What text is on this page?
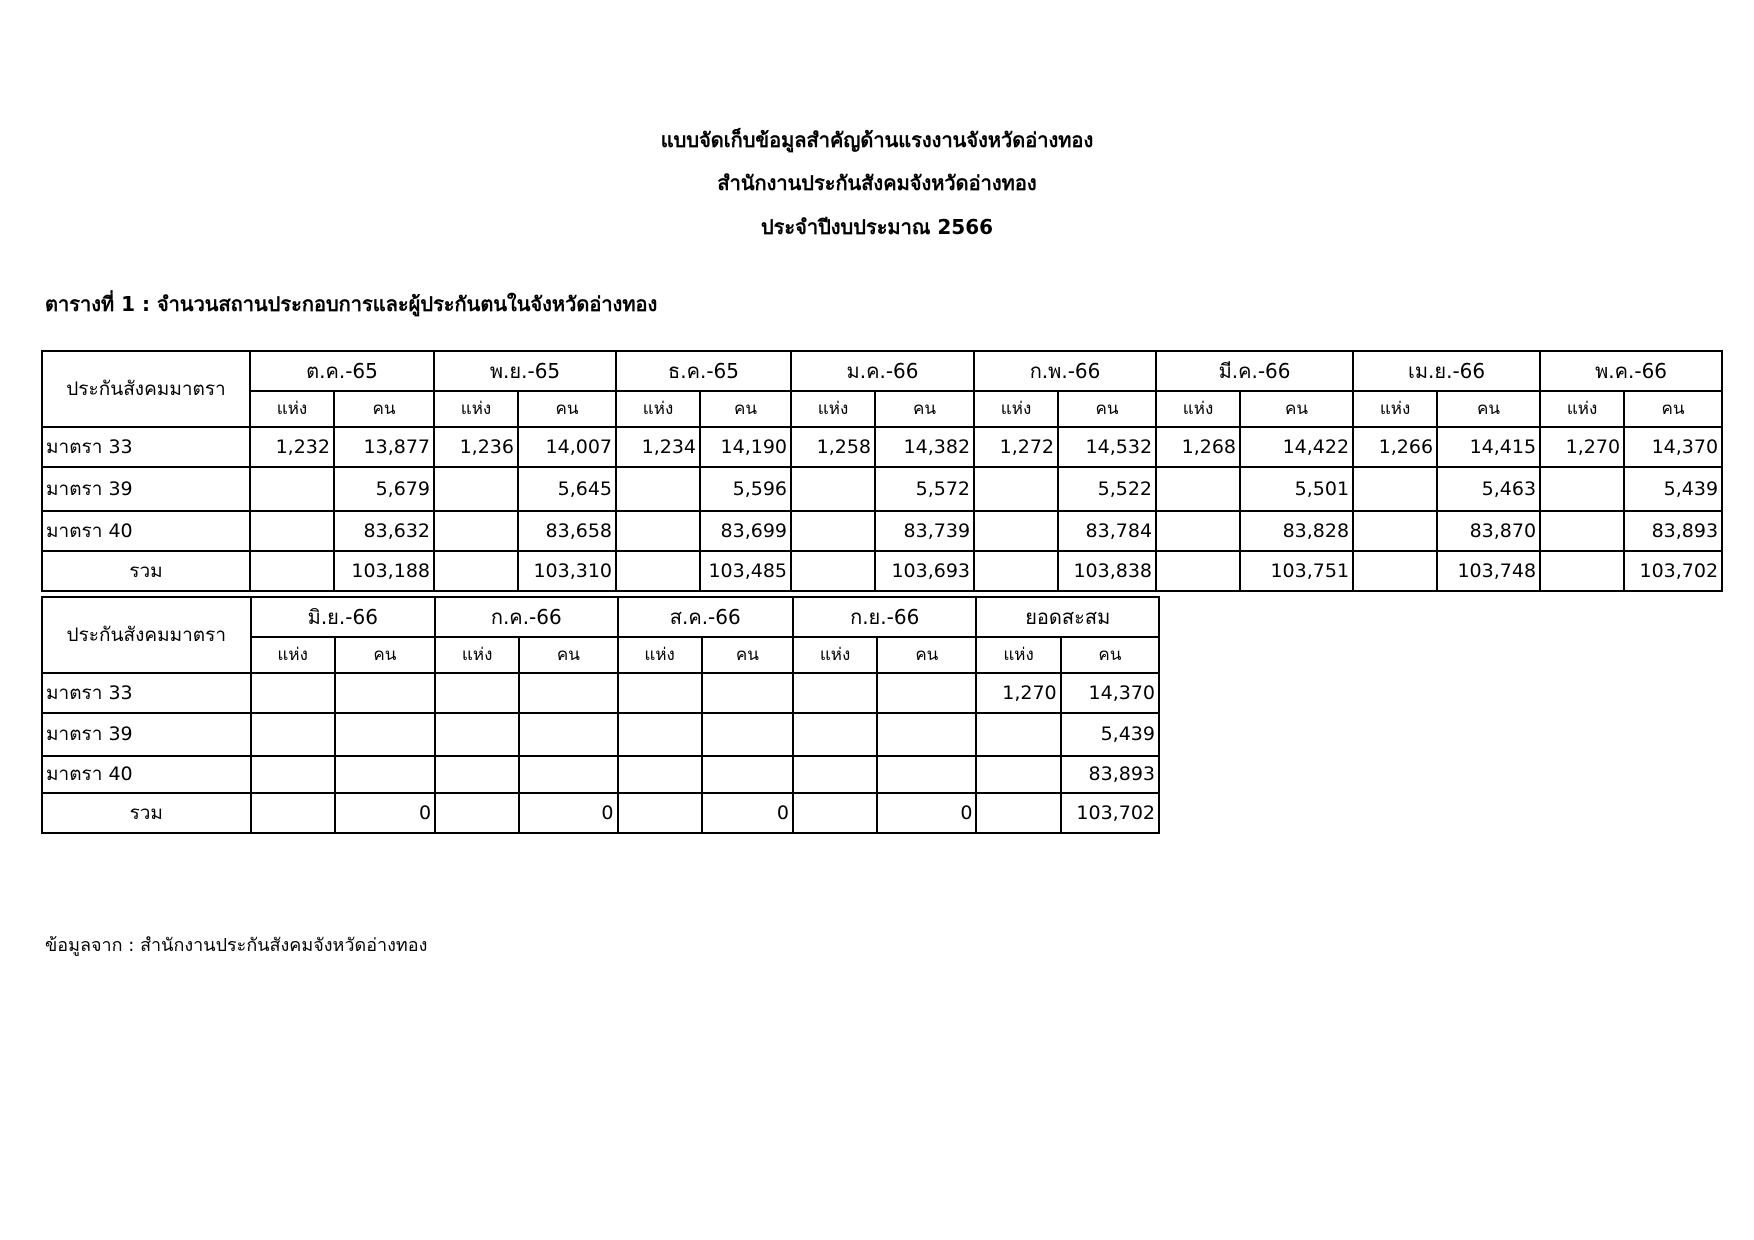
แบบจัดเก็บข้อมูลสำคัญด้านแรงงานจังหวัดอ่างทอง
สำนักงานประกันสังคมจังหวัดอ่างทอง
ประจำปีงบประมาณ 2566
ตารางที่ 1 : จำนวนสถานประกอบการและผู้ประกันตนในจังหวัดอ่างทอง
ประกันสังคมมาตรา	ต.ค.-65		พ.ย.-65		ธ.ค.-65		ม.ค.-66		ก.พ.-66		มี.ค.-66		เม.ย.-66		พ.ค.-66	
	แห่ง	คน	แห่ง	คน	แห่ง	คน	แห่ง	คน	แห่ง	คน	แห่ง	คน	แห่ง	คน	แห่ง	คน
มาตรา 33	1,232	13,877	1,236	14,007	1,234	14,190	1,258	14,382	1,272	14,532	1,268	14,422	1,266	14,415	1,270	14,370
มาตรา 39		5,679		5,645		5,596		5,572		5,522		5,501		5,463		5,439
มาตรา 40		83,632		83,658		83,699		83,739		83,784		83,828		83,870		83,893
รวม		103,188		103,310		103,485		103,693		103,838		103,751		103,748		103,702
ประกันสังคมมาตรา	มิ.ย.-66		ก.ค.-66		ส.ค.-66		ก.ย.-66		ยอดสะสม	
	แห่ง	คน	แห่ง	คน	แห่ง	คน	แห่ง	คน	แห่ง	คน
มาตรา 33									1,270	14,370
มาตรา 39										5,439
มาตรา 40										83,893
รวม		0		0		0		0		103,702
ข้อมูลจาก : สำนักงานประกันสังคมจังหวัดอ่างทอง
